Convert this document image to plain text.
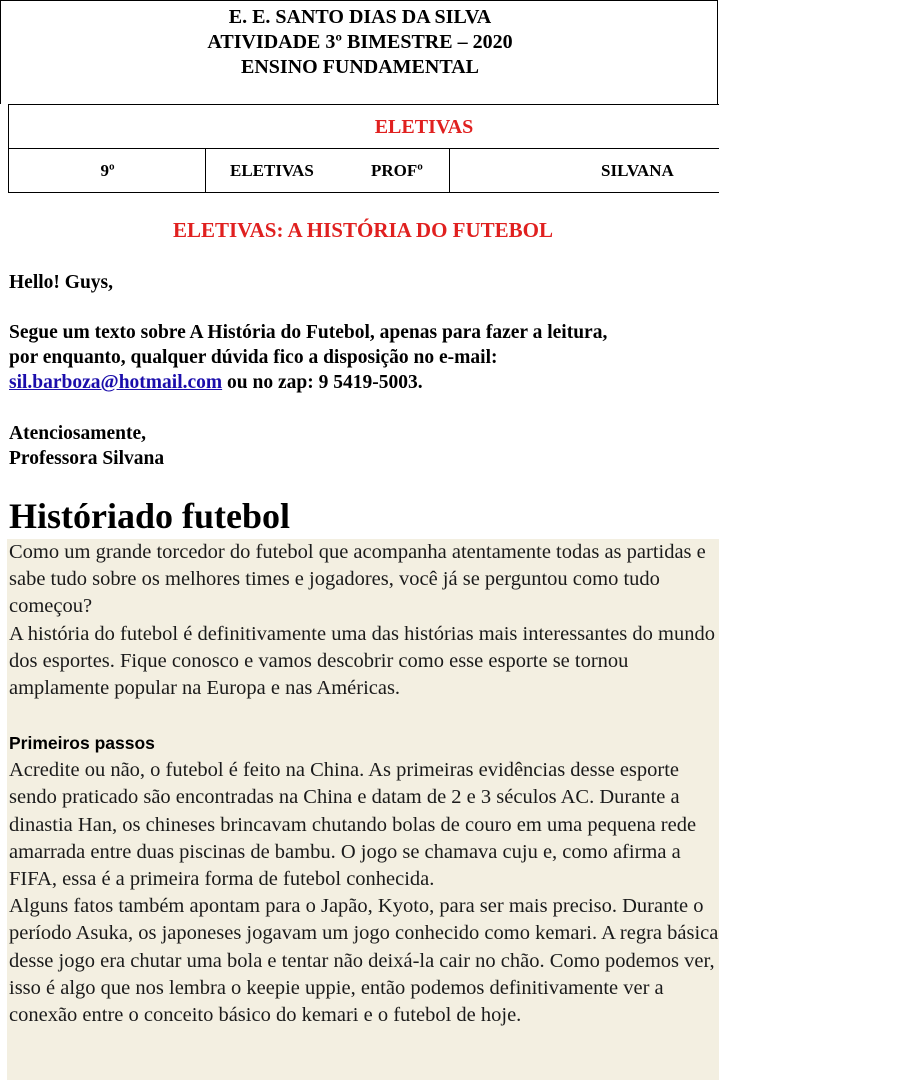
E. E. SANTO DIAS DA SILVA
ATIVIDADE 3º BIMESTRE – 2020
ENSINO FUNDAMENTAL
ELETIVAS
9º	ELETIVAS	PROFº	SILVANA
ELETIVAS: A HISTÓRIA DO FUTEBOL
Hello! Guys,
Segue um texto sobre A História do Futebol, apenas para fazer a leitura,
por enquanto, qualquer dúvida fico a disposição no e-mail:
sil.barboza@hotmail.com ou no zap: 9 5419-5003.
Atenciosamente,
Professora Silvana
Históriado futebol

Como um grande torcedor do futebol que acompanha atentamente todas as partidas e sabe tudo sobre os melhores times e jogadores, você já se perguntou como tudo começou?

A história do futebol é definitivamente uma das histórias mais interessantes do mundo dos esportes. Fique conosco e vamos descobrir como esse esporte se tornou amplamente popular na Europa e nas Américas.

Primeiros passos

Acredite ou não, o futebol é feito na China. As primeiras evidências desse esporte sendo praticado são encontradas na China e datam de 2 e 3 séculos AC. Durante a dinastia Han, os chineses brincavam chutando bolas de couro em uma pequena rede amarrada entre duas piscinas de bambu. O jogo se chamava cuju e, como afirma a FIFA, essa é a primeira forma de futebol conhecida.

Alguns fatos também apontam para o Japão, Kyoto, para ser mais preciso. Durante o período Asuka, os japoneses jogavam um jogo conhecido como kemari. A regra básica desse jogo era chutar uma bola e tentar não deixá-la cair no chão. Como podemos ver, isso é algo que nos lembra o keepie uppie, então podemos definitivamente ver a conexão entre o conceito básico do kemari e o futebol de hoje.
